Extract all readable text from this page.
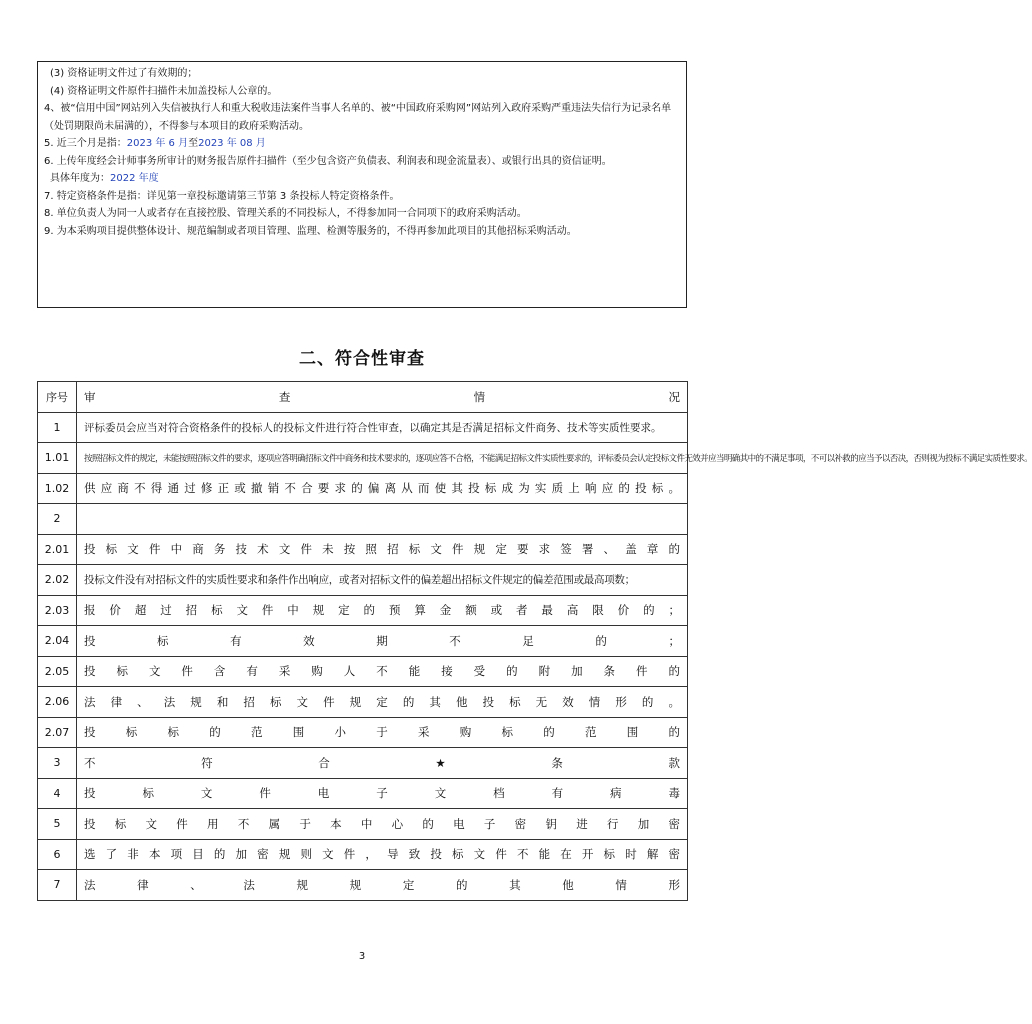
(3) 资格证明文件过了有效期的；

(4) 资格证明文件原件扫描件未加盖投标人公章的。

4、被“信用中国”网站列入失信被执行人和重大税收违法案件当事人名单的、被“中国政府采购网”网站列入政府采购严重违法失信行为记录名单（处罚期限尚未届满的），不得参与本项目的政府采购活动。

5. 近三个月是指：2023 年 6 月至2023 年 08 月

6. 上传年度经会计师事务所审计的财务报告原件扫描件（至少包含资产负债表、利润表和现金流量表）、或银行出具的资信证明。

具体年度为：2022 年度

7. 特定资格条件是指：详见第一章投标邀请第三节第 3 条投标人特定资格条件。

8. 单位负责人为同一人或者存在直接控股、管理关系的不同投标人，不得参加同一合同项下的政府采购活动。

9. 为本采购项目提供整体设计、规范编制或者项目管理、监理、检测等服务的，不得再参加此项目的其他招标采购活动。

二、符合性审查
序号	审 查 情 况
1	评标委员会应当对符合资格条件的投标人的投标文件进行符合性审查，以确定其是否满足招标文件商务、技术等实质性要求。
1.01	按照招标文件的规定，未能按照招标文件的要求，逐项应答明确招标文件中商务和技术要求的，逐项应答不合格，不能满足招标文件实质性要求的，评标委员会认定投标文件无效并应当明确其中的不满足事项，不可以补救的应当予以否决，否则视为投标不满足实质性要求。
1.02	供应商不得通过修正或撤销不合要求的偏离从而使其投标成为实质上响应的投标。
2	
2.01	投标文件中商务技术文件未按照招标文件规定要求签署、盖章的
2.02	投标文件没有对招标文件的实质性要求和条件作出响应，或者对招标文件的偏差超出招标文件规定的偏差范围或最高项数；
2.03	报价超过招标文件中规定的预算金额或者最高限价的；
2.04	投标有效期不足的；
2.05	投标文件含有采购人不能接受的附加条件的
2.06	法律、法规和招标文件规定的其他投标无效情形的。
2.07	投标标的范围小于采购标的范围的
3	不符合★条款
4	投标文件电子文档有病毒
5	投标文件用不属于本中心的电子密钥进行加密
6	选了非本项目的加密规则文件，导致投标文件不能在开标时解密
7	法律、法规规定的其他情形
3
